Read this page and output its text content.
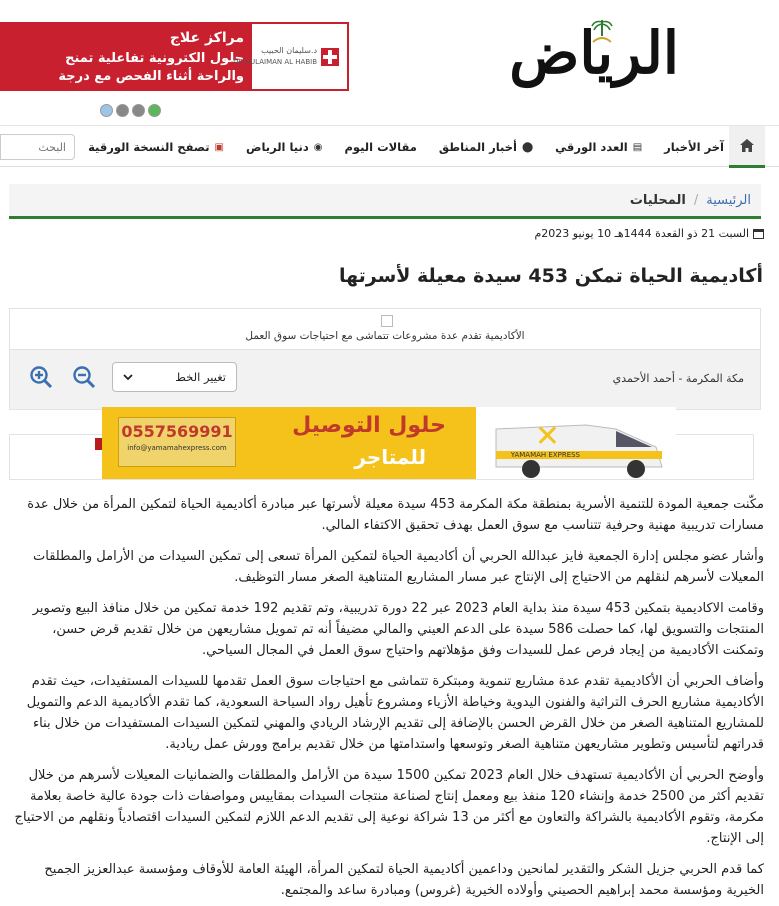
مراكز علاج
حلول الكترونية تفاعلية تمنح
والراحة أثناء الفحص مع درجة
د.سليمان الحبيب
DR SULAIMAN AL HABIB	الرياض
آخر الأخبار
▤
العدد الورقي
⬤
أخبار المناطق
مقالات اليوم
◉
دنيا الرياض
▣
تصفح النسخة الورقية
البحث
الرئيسية
/
المحليات
السبت 21 ذو القعدة 1444هـ 10 يونيو 2023م
أكاديمية الحياة تمكن 453 سيدة معيلة لأسرتها
الأكاديمية تقدم عدة مشروعات تتماشى مع احتياجات سوق العمل
مكة المكرمة - أحمد الأحمدي
تغيير الخط
✕
YAMAMAH EXPRESS
حلول التوصيل
للمتاجر
0557569991
info@yamamahexpress.com

مكّنت جمعية المودة للتنمية الأسرية بمنطقة مكة المكرمة 453 سيدة معيلة لأسرتها عبر مبادرة أكاديمية الحياة لتمكين المرأة من خلال عدة مسارات تدريبية مهنية وحرفية تتناسب مع سوق العمل بهدف تحقيق الاكتفاء المالي.

وأشار عضو مجلس إدارة الجمعية فايز عبدالله الحربي أن أكاديمية الحياة لتمكين المرأة تسعى إلى تمكين السيدات من الأرامل والمطلقات المعيلات لأسرهم لنقلهم من الاحتياج إلى الإنتاج عبر مسار المشاريع المتناهية الصغر مسار التوظيف.

وقامت الاكاديمية بتمكين 453 سيدة منذ بداية العام 2023 عبر 22 دورة تدريبية، وتم تقديم 192 خدمة تمكين من خلال منافذ البيع وتصوير المنتجات والتسويق لها، كما حصلت 586 سيدة على الدعم العيني والمالي مضيفاً أنه تم تمويل مشاريعهن من خلال تقديم قرض حسن، وتمكنت الأكاديمية من إيجاد فرص عمل للسيدات وفق مؤهلاتهم واحتياج سوق العمل في المجال السياحي.

وأضاف الحربي أن الأكاديمية تقدم عدة مشاريع تنموية ومبتكرة تتماشى مع احتياجات سوق العمل تقدمها للسيدات المستفيدات، حيث تقدم الأكاديمية مشاريع الحرف التراثية والفنون اليدوية وخياطة الأزياء ومشروع تأهيل رواد السياحة السعودية، كما تقدم الأكاديمية الدعم والتمويل للمشاريع المتناهية الصغر من خلال القرض الحسن بالإضافة إلى تقديم الإرشاد الريادي والمهني لتمكين السيدات المستفيدات من خلال بناء قدراتهم لتأسيس وتطوير مشاريعهن متناهية الصغر وتوسعها واستدامتها من خلال تقديم برامج وورش عمل ريادية.

وأوضح الحربي أن الأكاديمية تستهدف خلال العام 2023 تمكين 1500 سيدة من الأرامل والمطلقات والضمانيات المعيلات لأسرهم من خلال تقديم أكثر من 2500 خدمة وإنشاء 120 منفذ بيع ومعمل إنتاج لصناعة منتجات السيدات بمقاييس ومواصفات ذات جودة عالية خاصة بعلامة مكرمة، وتقوم الأكاديمية بالشراكة والتعاون مع أكثر من 13 شراكة نوعية إلى تقديم الدعم اللازم لتمكين السيدات اقتصادياً ونقلهم من الاحتياج إلى الإنتاج.

كما قدم الحربي جزيل الشكر والتقدير لمانحين وداعمين أكاديمية الحياة لتمكين المرأة، الهيئة العامة للأوقاف ومؤسسة عبدالعزيز الجميح الخيرية ومؤسسة محمد إبراهيم الحصيني وأولاده الخيرية (غروس) ومبادرة ساعد والمجتمع.
